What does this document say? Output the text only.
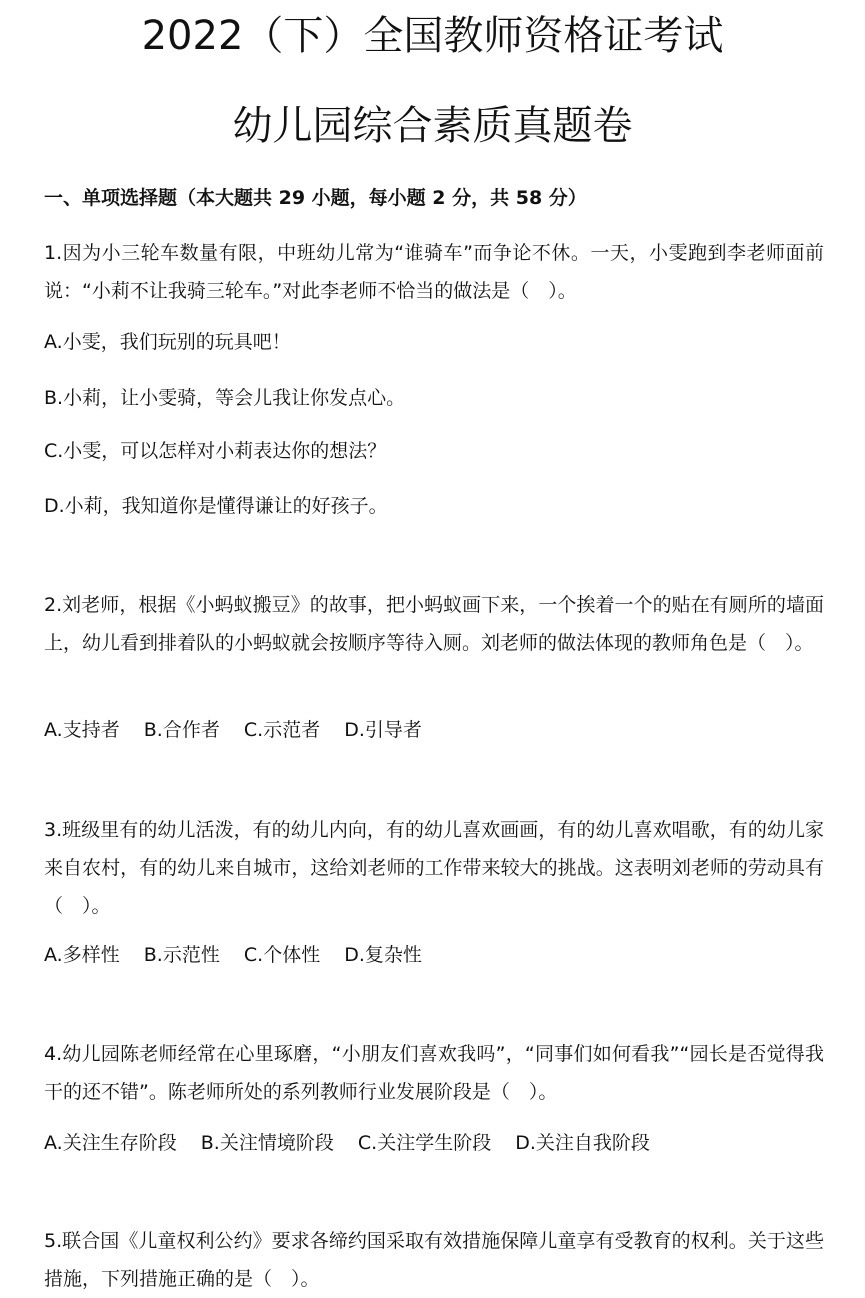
2022（下）全国教师资格证考试
幼儿园综合素质真题卷
一、单项选择题（本大题共 29 小题，每小题 2 分，共 58 分）
1.因为小三轮车数量有限，中班幼儿常为“谁骑车”而争论不休。一天，小雯跑到李老师面前说：“小莉不让我骑三轮车。”对此李老师不恰当的做法是（　）。
A.小雯，我们玩别的玩具吧！
B.小莉，让小雯骑，等会儿我让你发点心。
C.小雯，可以怎样对小莉表达你的想法？
D.小莉，我知道你是懂得谦让的好孩子。
2.刘老师，根据《小蚂蚁搬豆》的故事，把小蚂蚁画下来，一个挨着一个的贴在有厕所的墙面上，幼儿看到排着队的小蚂蚁就会按顺序等待入厕。刘老师的做法体现的教师角色是（　）。
A.支持者 B.合作者 C.示范者 D.引导者
3.班级里有的幼儿活泼，有的幼儿内向，有的幼儿喜欢画画，有的幼儿喜欢唱歌，有的幼儿家来自农村，有的幼儿来自城市，这给刘老师的工作带来较大的挑战。这表明刘老师的劳动具有（　）。
A.多样性 B.示范性 C.个体性 D.复杂性
4.幼儿园陈老师经常在心里琢磨，“小朋友们喜欢我吗”，“同事们如何看我”“园长是否觉得我干的还不错”。陈老师所处的系列教师行业发展阶段是（　）。
A.关注生存阶段 B.关注情境阶段 C.关注学生阶段 D.关注自我阶段
5.联合国《儿童权利公约》要求各缔约国采取有效措施保障儿童享有受教育的权利。关于这些措施，下列措施正确的是（　）。
